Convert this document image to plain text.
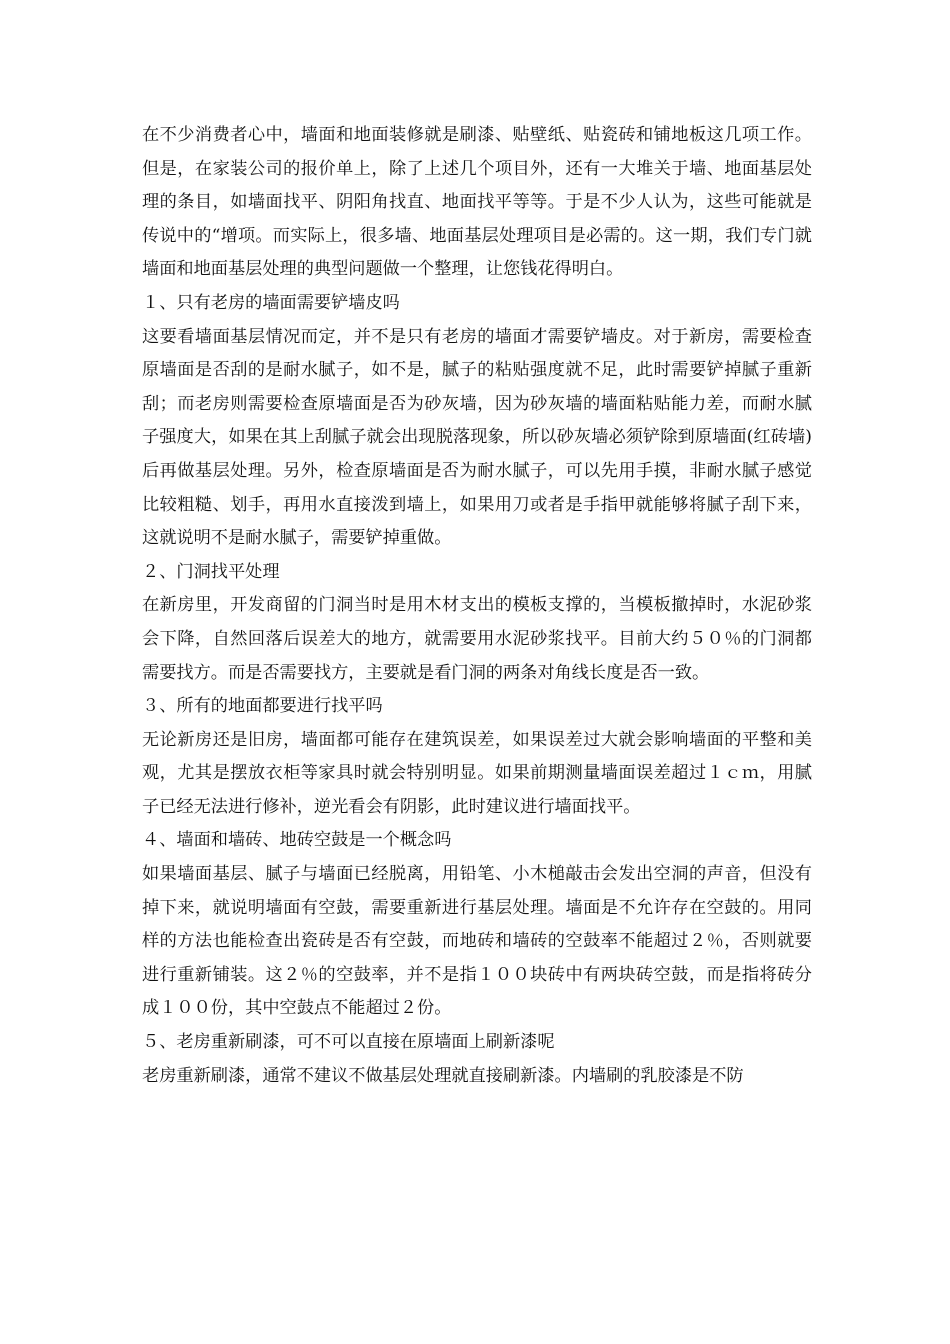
在不少消费者心中，墙面和地面装修就是刷漆、贴壁纸、贴瓷砖和铺地板这几项工作。但是，在家装公司的报价单上，除了上述几个项目外，还有一大堆关于墙、地面基层处理的条目，如墙面找平、阴阳角找直、地面找平等等。于是不少人认为，这些可能就是传说中的“增项。而实际上，很多墙、地面基层处理项目是必需的。这一期，我们专门就墙面和地面基层处理的典型问题做一个整理，让您钱花得明白。

１、只有老房的墙面需要铲墙皮吗

这要看墙面基层情况而定，并不是只有老房的墙面才需要铲墙皮。对于新房，需要检查原墙面是否刮的是耐水腻子，如不是，腻子的粘贴强度就不足，此时需要铲掉腻子重新刮；而老房则需要检查原墙面是否为砂灰墙，因为砂灰墙的墙面粘贴能力差，而耐水腻子强度大，如果在其上刮腻子就会出现脱落现象，所以砂灰墙必须铲除到原墙面(红砖墙)后再做基层处理。另外，检查原墙面是否为耐水腻子，可以先用手摸，非耐水腻子感觉比较粗糙、划手，再用水直接泼到墙上，如果用刀或者是手指甲就能够将腻子刮下来，这就说明不是耐水腻子，需要铲掉重做。

２、门洞找平处理

在新房里，开发商留的门洞当时是用木材支出的模板支撑的，当模板撤掉时，水泥砂浆会下降，自然回落后误差大的地方，就需要用水泥砂浆找平。目前大约５０％的门洞都需要找方。而是否需要找方，主要就是看门洞的两条对角线长度是否一致。

３、所有的地面都要进行找平吗

无论新房还是旧房，墙面都可能存在建筑误差，如果误差过大就会影响墙面的平整和美观，尤其是摆放衣柜等家具时就会特别明显。如果前期测量墙面误差超过１ｃｍ，用腻子已经无法进行修补，逆光看会有阴影，此时建议进行墙面找平。

４、墙面和墙砖、地砖空鼓是一个概念吗

如果墙面基层、腻子与墙面已经脱离，用铅笔、小木槌敲击会发出空洞的声音，但没有掉下来，就说明墙面有空鼓，需要重新进行基层处理。墙面是不允许存在空鼓的。用同样的方法也能检查出瓷砖是否有空鼓，而地砖和墙砖的空鼓率不能超过２％，否则就要进行重新铺装。这２％的空鼓率，并不是指１００块砖中有两块砖空鼓，而是指将砖分成１００份，其中空鼓点不能超过２份。

５、老房重新刷漆，可不可以直接在原墙面上刷新漆呢

老房重新刷漆，通常不建议不做基层处理就直接刷新漆。内墙刷的乳胶漆是不防
